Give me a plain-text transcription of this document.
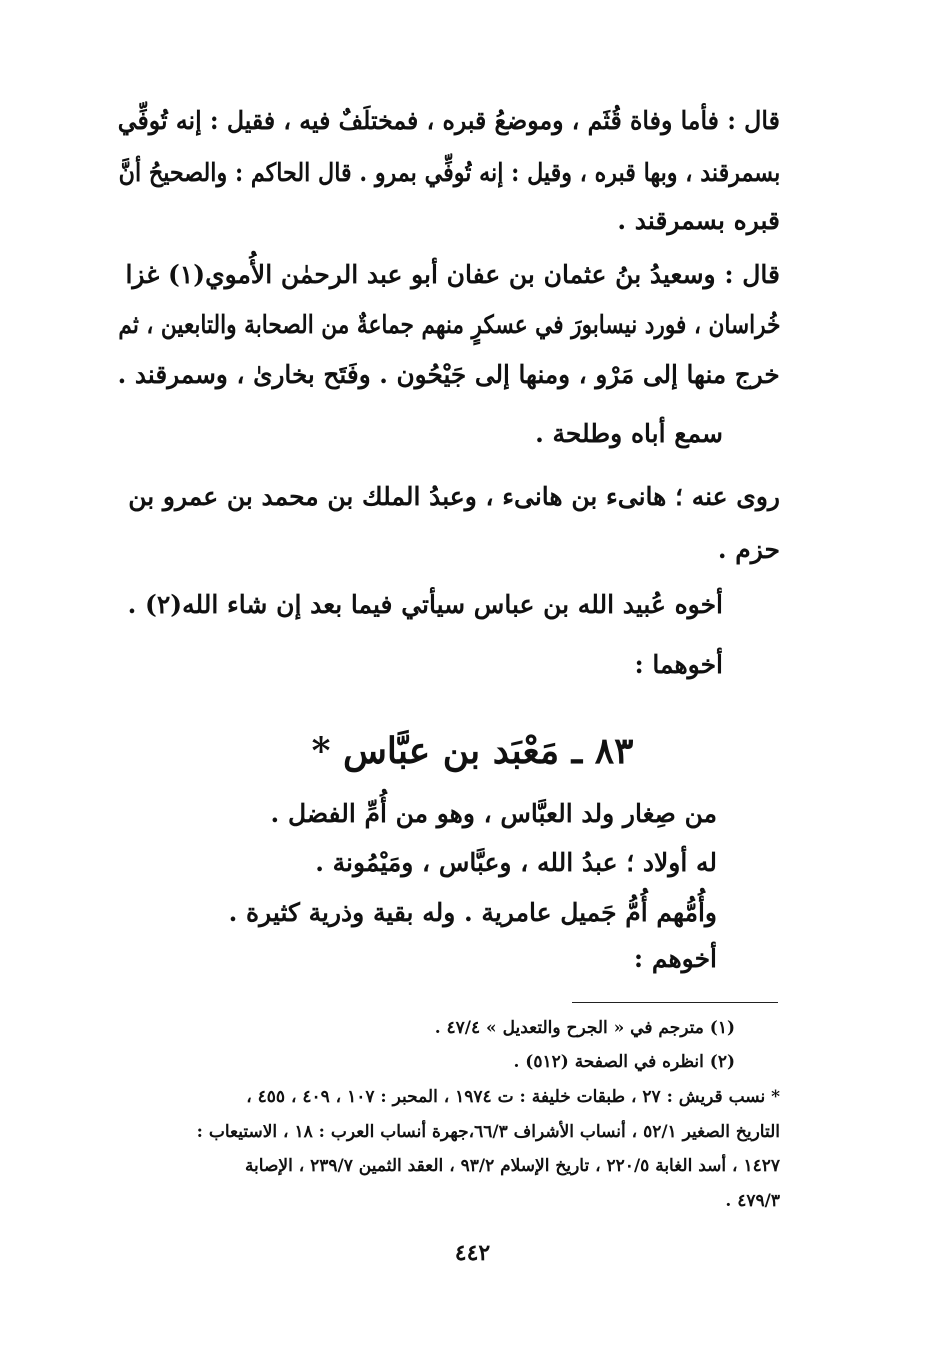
قال : فأما وفاة قُثَم ، وموضعُ قبره ، فمختلَفٌ فيه ، فقيل : إنه تُوفِّي
بسمرقند ، وبها قبره ، وقيل : إنه تُوفِّي بمرو . قال الحاكم : والصحيحُ أنَّ
قبره بسمرقند .
قال : وسعيدُ بنُ عثمان بن عفان أبو عبد الرحمٰن الأُموي(١) غزا
خُراسان ، فورد نيسابورَ في عسكرٍ منهم جماعةٌ من الصحابة والتابعين ، ثم
خرج منها إلى مَرْو ، ومنها إلى جَيْحُون . وفَتَح بخارىٰ ، وسمرقند .
سمع أباه وطلحة .
روى عنه ؛ هانىء بن هانىء ، وعبدُ الملك بن محمد بن عمرو بن
حزم .
أخوه عُبيد الله بن عباس سيأتي فيما بعد إن شاء الله(٢) .
أخوهما :
٨٣ ـ مَعْبَد بن عبَّاس *
من صِغار ولد العبَّاس ، وهو من أُمِّ الفضل .
له أولاد ؛ عبدُ الله ، وعبَّاس ، ومَيْمُونة .
وأُمُّهم أُمُّ جَميل عامرية . وله بقية وذرية كثيرة .
أخوهم :
(١) مترجم في « الجرح والتعديل » ٤٧/٤ .
(٢) انظره في الصفحة (٥١٢) .
* نسب قريش : ٢٧ ، طبقات خليفة : ت ١٩٧٤ ، المحبر : ١٠٧ ، ٤٠٩ ، ٤٥٥ ،
التاريخ الصغير ٥٢/١ ، أنساب الأشراف ٦٦/٣،جهرة أنساب العرب : ١٨ ، الاستيعاب :
١٤٢٧ ، أسد الغابة ٢٢٠/٥ ، تاريخ الإسلام ٩٣/٢ ، العقد الثمين ٢٣٩/٧ ، الإصابة
٤٧٩/٣ .
٤٤٢
